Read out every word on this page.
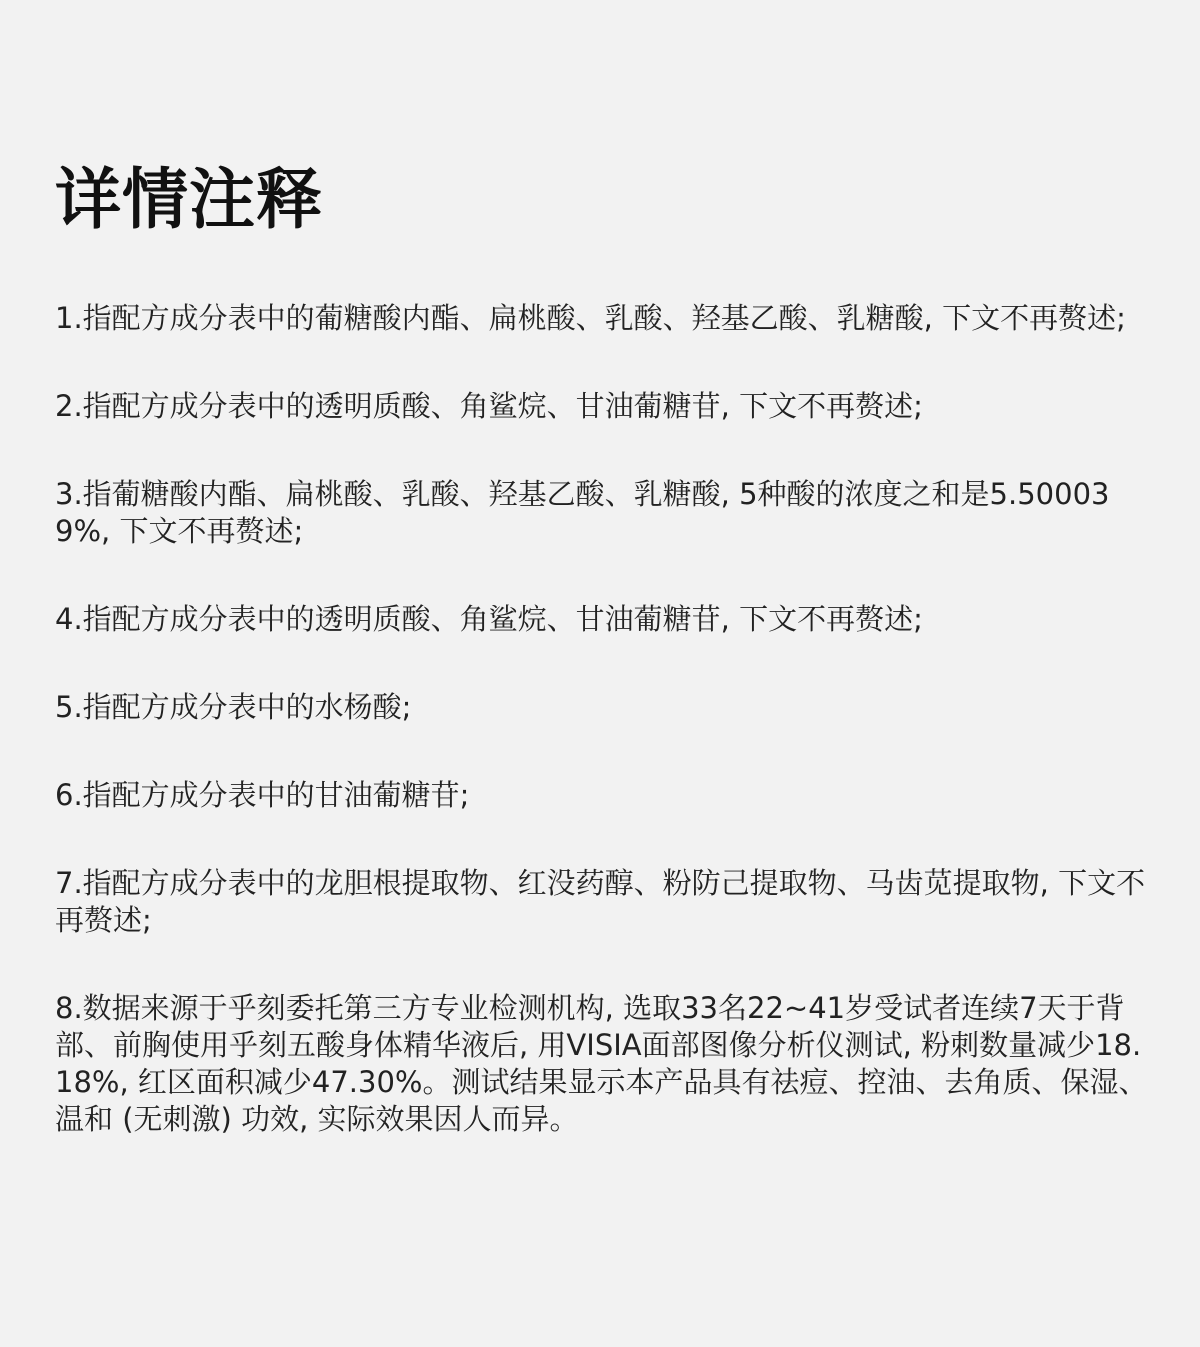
详情注释
1.指配方成分表中的葡糖酸内酯、扁桃酸、乳酸、羟基乙酸、乳糖酸, 下文不再赘述;
2.指配方成分表中的透明质酸、角鲨烷、甘油葡糖苷, 下文不再赘述;
3.指葡糖酸内酯、扁桃酸、乳酸、羟基乙酸、乳糖酸, 5种酸的浓度之和是5.500039%, 下文不再赘述;
4.指配方成分表中的透明质酸、角鲨烷、甘油葡糖苷, 下文不再赘述;
5.指配方成分表中的水杨酸;
6.指配方成分表中的甘油葡糖苷;
7.指配方成分表中的龙胆根提取物、红没药醇、粉防己提取物、马齿苋提取物, 下文不再赘述;
8.数据来源于乎刻委托第三方专业检测机构, 选取33名22~41岁受试者连续7天于背部、前胸使用乎刻五酸身体精华液后, 用VISIA面部图像分析仪测试, 粉刺数量减少18.18%, 红区面积减少47.30%。测试结果显示本产品具有祛痘、控油、去角质、保湿、温和 (无刺激) 功效, 实际效果因人而异。
